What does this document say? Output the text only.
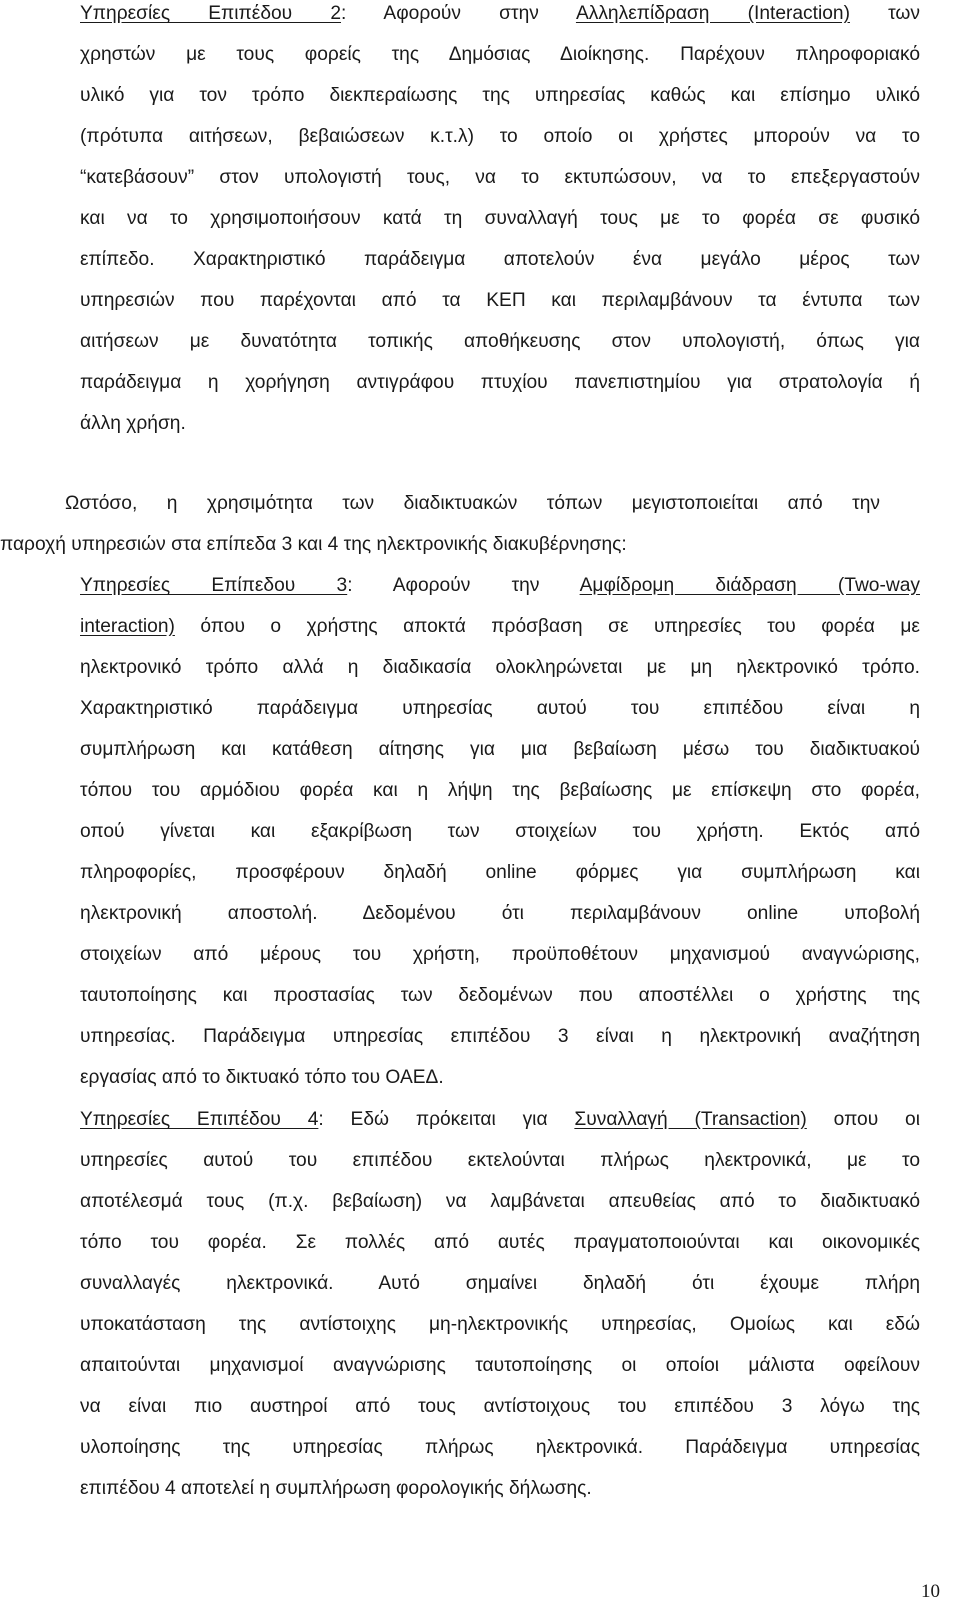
Υπηρεσίες Επιπέδου 2: Αφορούν στην Αλληλεπίδραση (Interaction) των
χρηστών με τους φορείς της Δημόσιας Διοίκησης. Παρέχουν πληροφοριακό
υλικό για τον τρόπο διεκπεραίωσης της υπηρεσίας καθώς και επίσημο υλικό
(πρότυπα αιτήσεων, βεβαιώσεων κ.τ.λ) το οποίο οι χρήστες μπορούν να το
“κατεβάσουν” στον υπολογιστή τους, να το εκτυπώσουν, να το επεξεργαστούν
και να το χρησιμοποιήσουν κατά τη συναλλαγή τους με το φορέα σε φυσικό
επίπεδο. Χαρακτηριστικό παράδειγμα αποτελούν ένα μεγάλο μέρος των
υπηρεσιών που παρέχονται από τα ΚΕΠ και περιλαμβάνουν τα έντυπα των
αιτήσεων με δυνατότητα τοπικής αποθήκευσης στον υπολογιστή, όπως για
παράδειγμα η χορήγηση αντιγράφου πτυχίου πανεπιστημίου για στρατολογία ή
άλλη χρήση.
Ωστόσο, η χρησιμότητα των διαδικτυακών τόπων μεγιστοποιείται από την
παροχή υπηρεσιών στα επίπεδα 3 και 4 της ηλεκτρονικής διακυβέρνησης:
Υπηρεσίες Επίπεδου 3: Αφορούν την Αμφίδρομη διάδραση (Two-way
interaction) όπου ο χρήστης αποκτά πρόσβαση σε υπηρεσίες του φορέα με
ηλεκτρονικό τρόπο αλλά η διαδικασία ολοκληρώνεται με μη ηλεκτρονικό τρόπο.
Χαρακτηριστικό παράδειγμα υπηρεσίας αυτού του επιπέδου είναι η
συμπλήρωση και κατάθεση αίτησης για μια βεβαίωση μέσω του διαδικτυακού
τόπου του αρμόδιου φορέα και η λήψη της βεβαίωσης με επίσκεψη στο φορέα,
οπού γίνεται και εξακρίβωση των στοιχείων του χρήστη. Εκτός από
πληροφορίες, προσφέρουν δηλαδή online φόρμες για συμπλήρωση και
ηλεκτρονική αποστολή. Δεδομένου ότι περιλαμβάνουν online υποβολή
στοιχείων από μέρους του χρήστη, προϋποθέτουν μηχανισμού αναγνώρισης,
ταυτοποίησης και προστασίας των δεδομένων που αποστέλλει ο χρήστης της
υπηρεσίας. Παράδειγμα υπηρεσίας επιπέδου 3 είναι η ηλεκτρονική αναζήτηση
εργασίας από το δικτυακό τόπο του ΟΑΕΔ.
Υπηρεσίες Επιπέδου 4: Εδώ πρόκειται για Συναλλαγή (Transaction) οπου οι
υπηρεσίες αυτού του επιπέδου εκτελούνται πλήρως ηλεκτρονικά, με το
αποτέλεσμά τους (π.χ. βεβαίωση) να λαμβάνεται απευθείας από το διαδικτυακό
τόπο του φορέα. Σε πολλές από αυτές πραγματοποιούνται και οικονομικές
συναλλαγές ηλεκτρονικά. Αυτό σημαίνει δηλαδή ότι έχουμε πλήρη
υποκατάσταση της αντίστοιχης μη-ηλεκτρονικής υπηρεσίας, Ομοίως και εδώ
απαιτούνται μηχανισμοί αναγνώρισης ταυτοποίησης οι οποίοι μάλιστα οφείλουν
να είναι πιο αυστηροί από τους αντίστοιχους του επιπέδου 3 λόγω της
υλοποίησης της υπηρεσίας πλήρως ηλεκτρονικά. Παράδειγμα υπηρεσίας
επιπέδου 4 αποτελεί η συμπλήρωση φορολογικής δήλωσης.
10
